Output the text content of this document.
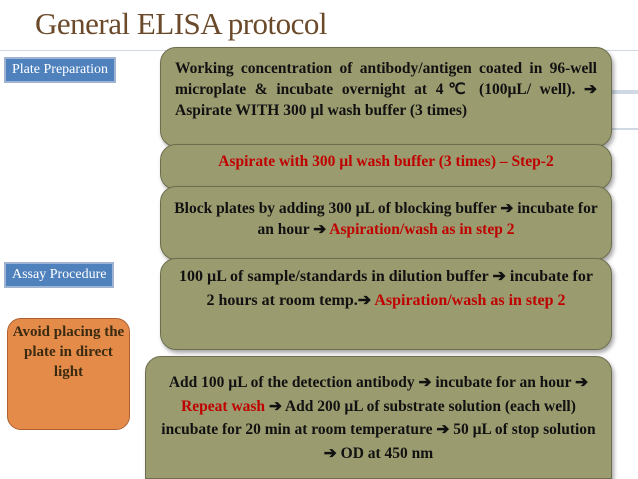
General ELISA protocol
Plate Preparation
Assay Procedure
Working concentration of antibody/antigen coated in 96-well microplate & incubate overnight at 4℃ (100µL/ well). ➔ Aspirate WITH 300 µl wash buffer (3 times)
Aspirate with 300 µl wash buffer (3 times) – Step-2
Block plates by adding 300 µL of blocking buffer ➔ incubate for an hour ➔ Aspiration/wash as in step 2
100 µL of sample/standards in dilution buffer ➔ incubate for 2 hours at room temp.➔ Aspiration/wash as in step 2
Add 100 µL of the detection antibody ➔ incubate for an hour ➔ Repeat wash ➔ Add 200 µL of substrate solution (each well) incubate for 20 min at room temperature ➔ 50 µL of stop solution ➔ OD at 450 nm
Avoid placing the plate in direct light
